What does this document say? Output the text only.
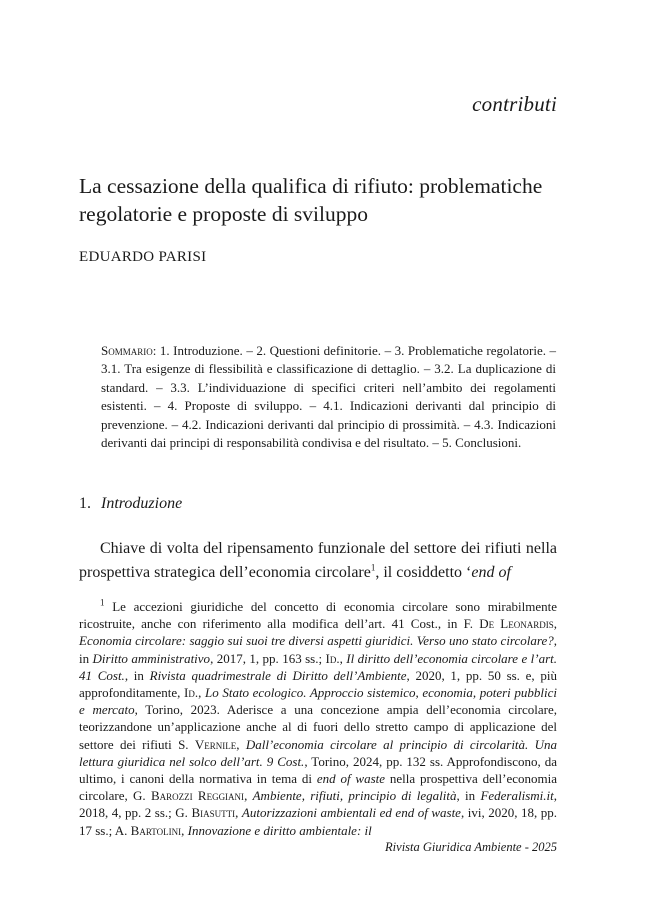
contributi
La cessazione della qualifica di rifiuto: problematiche regolatorie e proposte di sviluppo
EDUARDO PARISI
Sommario: 1. Introduzione. – 2. Questioni definitorie. – 3. Problematiche regolatorie. – 3.1. Tra esigenze di flessibilità e classificazione di dettaglio. – 3.2. La duplicazione di standard. – 3.3. L’individuazione di specifici criteri nell’ambito dei regolamenti esistenti. – 4. Proposte di sviluppo. – 4.1. Indicazioni derivanti dal principio di prevenzione. – 4.2. Indicazioni derivanti dal principio di prossimità. – 4.3. Indicazioni derivanti dai principi di responsabilità condivisa e del risultato. – 5. Conclusioni.
1. Introduzione

Chiave di volta del ripensamento funzionale del settore dei rifiuti nella prospettiva strategica dell’economia circolare$^1$, il cosiddetto ‘end of

$^1$ Le accezioni giuridiche del concetto di economia circolare sono mirabilmente ricostruite, anche con riferimento alla modifica dell’art. 41 Cost., in F. De Leonardis, Economia circolare: saggio sui suoi tre diversi aspetti giuridici. Verso uno stato circolare?, in Diritto amministrativo, 2017, 1, pp. 163 ss.; Id., Il diritto dell’economia circolare e l’art. 41 Cost., in Rivista quadrimestrale di Diritto dell’Ambiente, 2020, 1, pp. 50 ss. e, più approfonditamente, Id., Lo Stato ecologico. Approccio sistemico, economia, poteri pubblici e mercato, Torino, 2023. Aderisce a una concezione ampia dell’economia circolare, teorizzandone un’applicazione anche al di fuori dello stretto campo di applicazione del settore dei rifiuti S. Vernile, Dall’economia circolare al principio di circolarità. Una lettura giuridica nel solco dell’art. 9 Cost., Torino, 2024, pp. 132 ss. Approfondiscono, da ultimo, i canoni della normativa in tema di end of waste nella prospettiva dell’economia circolare, G. Barozzi Reggiani, Ambiente, rifiuti, principio di legalità, in Federalismi.it, 2018, 4, pp. 2 ss.; G. Biasutti, Autorizzazioni ambientali ed end of waste, ivi, 2020, 18, pp. 17 ss.; A. Bartolini, Innovazione e diritto ambientale: il

Rivista Giuridica Ambiente - 2025
